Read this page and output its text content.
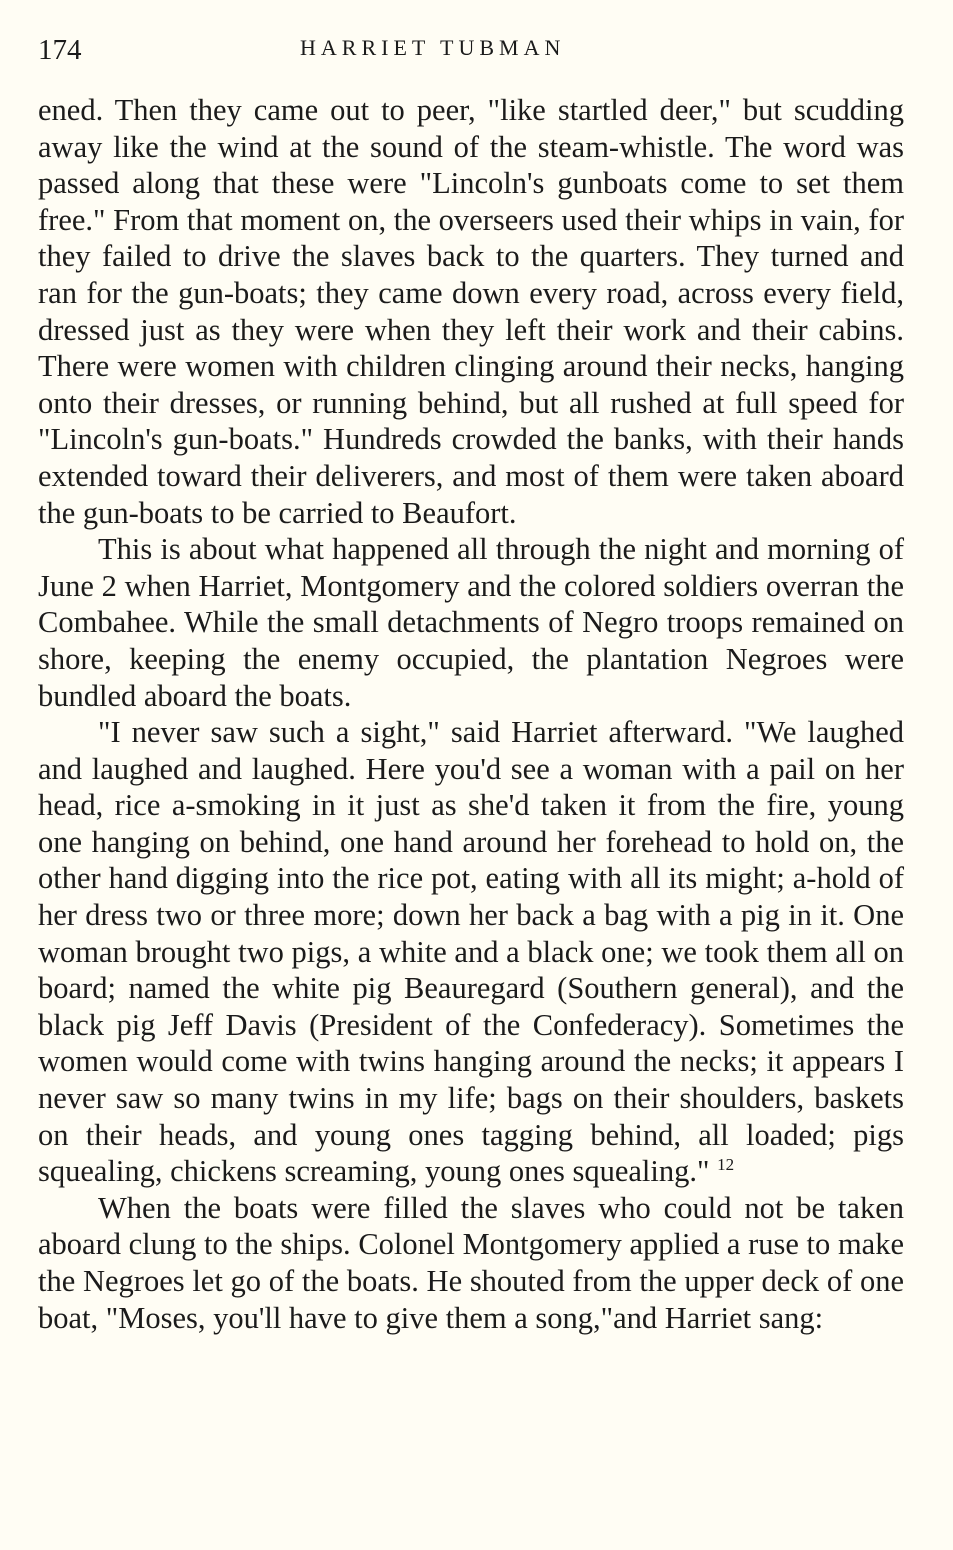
174	HARRIET TUBMAN

ened. Then they came out to peer, "like startled deer," but scudding away like the wind at the sound of the steam-whistle. The word was passed along that these were "Lincoln's gunboats come to set them free." From that moment on, the overseers used their whips in vain, for they failed to drive the slaves back to the quarters. They turned and ran for the gun-boats; they came down every road, across every field, dressed just as they were when they left their work and their cabins. There were women with children clinging around their necks, hanging onto their dresses, or running behind, but all rushed at full speed for "Lincoln's gun-boats." Hundreds crowded the banks, with their hands extended toward their deliverers, and most of them were taken aboard the gun-boats to be carried to Beaufort.

This is about what happened all through the night and morning of June 2 when Harriet, Montgomery and the colored soldiers overran the Combahee. While the small detachments of Negro troops remained on shore, keeping the enemy occupied, the plantation Negroes were bundled aboard the boats.

"I never saw such a sight," said Harriet afterward. "We laughed and laughed and laughed. Here you'd see a woman with a pail on her head, rice a-smoking in it just as she'd taken it from the fire, young one hanging on behind, one hand around her forehead to hold on, the other hand digging into the rice pot, eating with all its might; a-hold of her dress two or three more; down her back a bag with a pig in it. One woman brought two pigs, a white and a black one; we took them all on board; named the white pig Beauregard (Southern general), and the black pig Jeff Davis (President of the Confederacy). Sometimes the women would come with twins hanging around the necks; it appears I never saw so many twins in my life; bags on their shoulders, baskets on their heads, and young ones tagging behind, all loaded; pigs squealing, chickens screaming, young ones squealing." $^{12}$

When the boats were filled the slaves who could not be taken aboard clung to the ships. Colonel Montgomery applied a ruse to make the Negroes let go of the boats. He shouted from the upper deck of one boat, "Moses, you'll have to give them a song,"and Harriet sang:
